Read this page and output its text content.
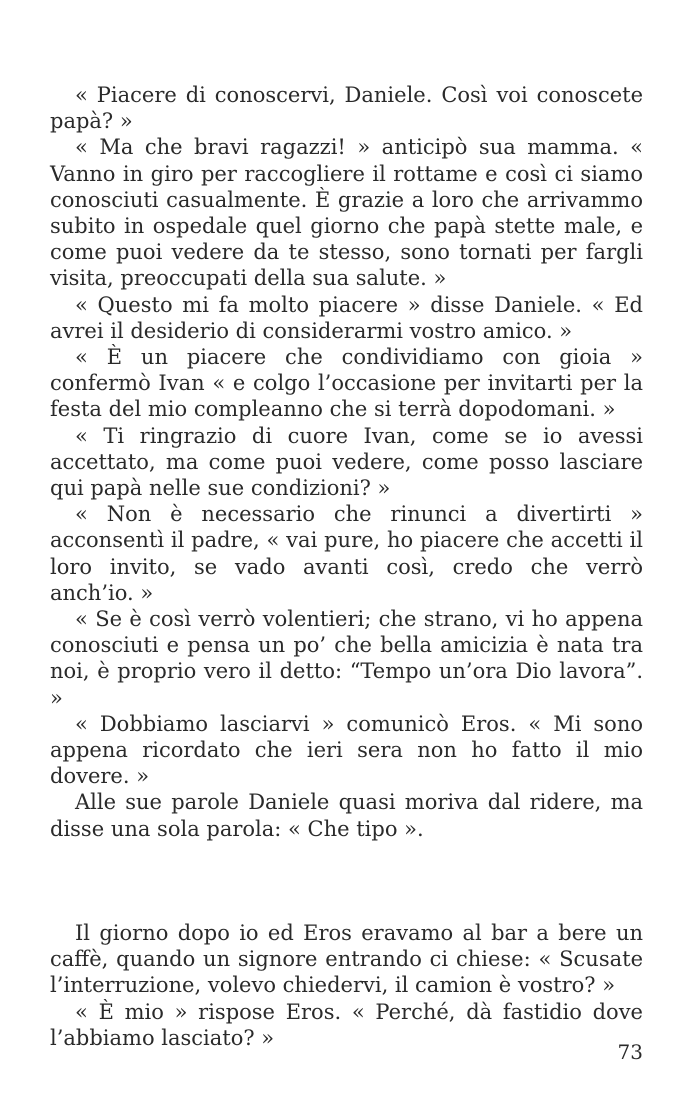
« Piacere di conoscervi, Daniele. Così voi conoscete papà? »

« Ma che bravi ragazzi! » anticipò sua mamma. « Vanno in giro per raccogliere il rottame e così ci siamo conosciuti casualmente. È grazie a loro che arrivammo subito in ospedale quel giorno che papà stette male, e come puoi vedere da te stesso, sono tornati per fargli visita, preoccupati della sua salute. »

« Questo mi fa molto piacere » disse Daniele. « Ed avrei il desiderio di considerarmi vostro amico. »

« È un piacere che condividiamo con gioia » confermò Ivan « e colgo l’occasione per invitarti per la festa del mio compleanno che si terrà dopodomani. »

« Ti ringrazio di cuore Ivan, come se io avessi accettato, ma come puoi vedere, come posso lasciare qui papà nelle sue condizioni? »

« Non è necessario che rinunci a divertirti » acconsentì il padre, « vai pure, ho piacere che accetti il loro invito, se vado avanti così, credo che verrò anch’io. »

« Se è così verrò volentieri; che strano, vi ho appena conosciuti e pensa un po’ che bella amicizia è nata tra noi, è proprio vero il detto: “Tempo un’ora Dio lavora”. »

« Dobbiamo lasciarvi » comunicò Eros. « Mi sono appena ricordato che ieri sera non ho fatto il mio dovere. »

Alle sue parole Daniele quasi moriva dal ridere, ma disse una sola parola: « Che tipo ».

Il giorno dopo io ed Eros eravamo al bar a bere un caffè, quando un signore entrando ci chiese: « Scusate l’interruzione, volevo chiedervi, il camion è vostro? »

« È mio » rispose Eros. « Perché, dà fastidio dove l’abbiamo lasciato? »

73
